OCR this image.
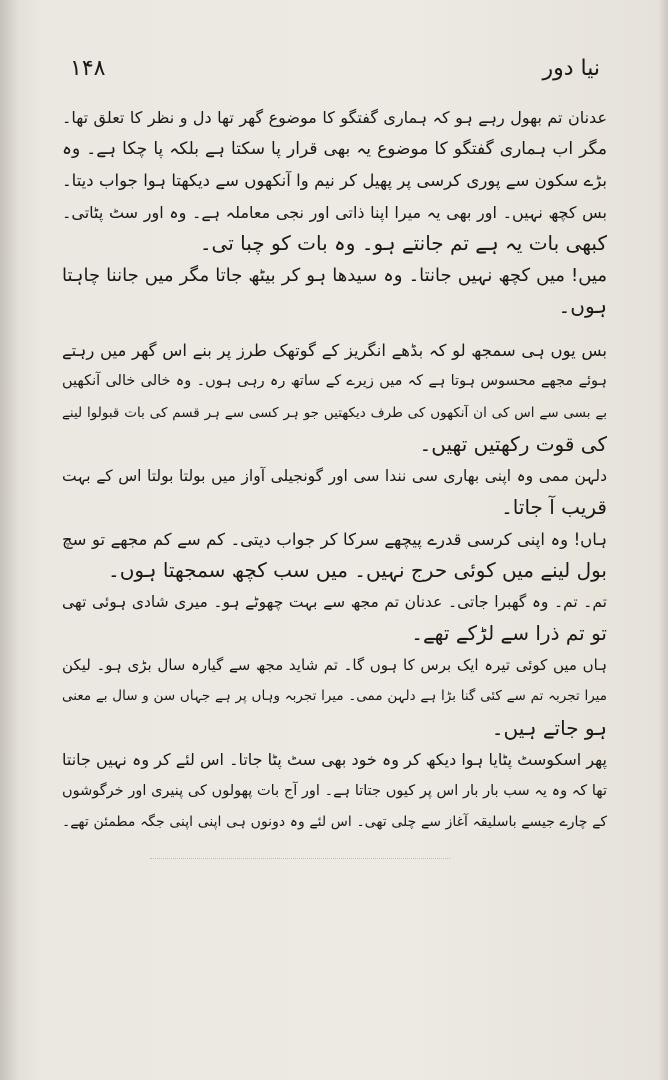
۱۴۸	نیا دور
عدنان تم بھول رہے ہو کہ ہماری گفتگو کا موضوع گھر تھا دل و نظر کا تعلق تھا۔
مگر اب ہماری گفتگو کا موضوع یہ بھی قرار پا سکتا ہے بلکہ پا چکا ہے۔ وہ
بڑے سکون سے پوری کرسی پر پھیل کر نیم وا آنکھوں سے دیکھتا ہوا جواب دیتا۔
بس کچھ نہیں۔ اور بھی یہ میرا اپنا ذاتی اور نجی معاملہ ہے۔ وہ اور سٹ پٹاتی۔
کبھی بات یہ ہے تم جانتے ہو۔ وہ بات کو چبا تی۔
میں! میں کچھ نہیں جانتا۔ وہ سیدھا ہو کر بیٹھ جاتا مگر میں جاننا چاہتا
ہوں۔
بس یوں ہی سمجھ لو کہ بڈھے انگریز کے گوتھک طرز پر بنے اس گھر میں رہتے
ہوئے مجھے محسوس ہوتا ہے کہ میں زیرے کے ساتھ رہ رہی ہوں۔ وہ خالی خالی آنکھیں
بے بسی سے اس کی ان آنکھوں کی طرف دیکھتیں جو ہر کسی سے ہر قسم کی بات قبولوا لینے
کی قوت رکھتیں تھیں۔
دلہن ممی وہ اپنی بھاری سی نندا سی اور گونجیلی آواز میں بولتا بولتا اس کے بہت
قریب آ جاتا۔
ہاں! وہ اپنی کرسی قدرے پیچھے سرکا کر جواب دیتی۔ کم سے کم مجھے تو سچ
بول لینے میں کوئی حرج نہیں۔ میں سب کچھ سمجھتا ہوں۔
تم۔ تم۔ وہ گھبرا جاتی۔ عدنان تم مجھ سے بہت چھوٹے ہو۔ میری شادی ہوئی تھی
تو تم ذرا سے لڑکے تھے۔
ہاں میں کوئی تیرہ ایک برس کا ہوں گا۔ تم شاید مجھ سے گیارہ سال بڑی ہو۔ لیکن
میرا تجربہ تم سے کئی گنا بڑا ہے دلہن ممی۔ میرا تجربہ وہاں پر ہے جہاں سن و سال بے معنی
ہو جاتے ہیں۔
پھر اسکوسٹ پٹایا ہوا دیکھ کر وہ خود بھی سٹ پٹا جاتا۔ اس لئے کر وہ نہیں جانتا
تھا کہ وہ یہ سب بار بار اس پر کیوں جتاتا ہے۔ اور آج بات پھولوں کی پنیری اور خرگوشوں
کے چارے جیسے باسلیقہ آغاز سے چلی تھی۔ اس لئے وہ دونوں ہی اپنی اپنی جگہ مطمئن تھے۔
